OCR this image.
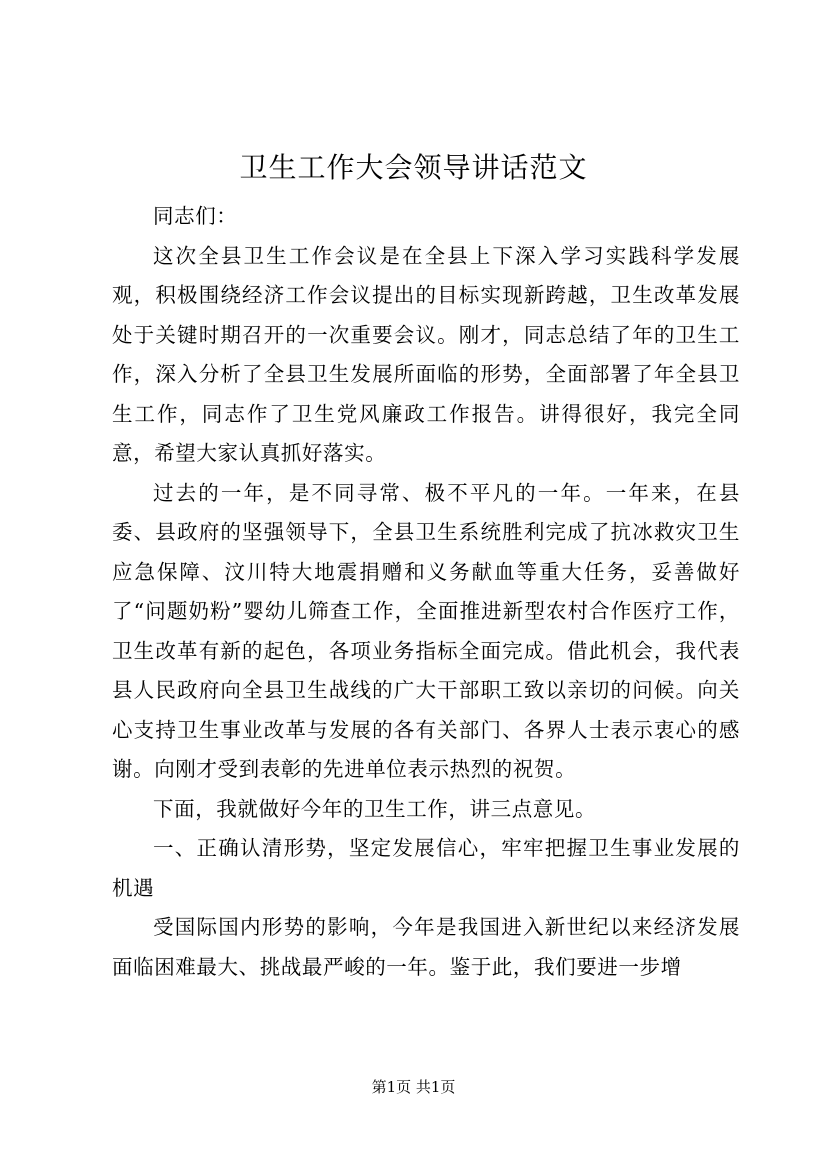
卫生工作大会领导讲话范文

同志们：

这次全县卫生工作会议是在全县上下深入学习实践科学发展观，积极围绕经济工作会议提出的目标实现新跨越，卫生改革发展处于关键时期召开的一次重要会议。刚才，同志总结了年的卫生工作，深入分析了全县卫生发展所面临的形势，全面部署了年全县卫生工作，同志作了卫生党风廉政工作报告。讲得很好，我完全同意，希望大家认真抓好落实。

过去的一年，是不同寻常、极不平凡的一年。一年来，在县委、县政府的坚强领导下，全县卫生系统胜利完成了抗冰救灾卫生应急保障、汶川特大地震捐赠和义务献血等重大任务，妥善做好了“问题奶粉”婴幼儿筛查工作，全面推进新型农村合作医疗工作，卫生改革有新的起色，各项业务指标全面完成。借此机会，我代表县人民政府向全县卫生战线的广大干部职工致以亲切的问候。向关心支持卫生事业改革与发展的各有关部门、各界人士表示衷心的感谢。向刚才受到表彰的先进单位表示热烈的祝贺。

下面，我就做好今年的卫生工作，讲三点意见。

一、正确认清形势，坚定发展信心，牢牢把握卫生事业发展的机遇

受国际国内形势的影响，今年是我国进入新世纪以来经济发展面临困难最大、挑战最严峻的一年。鉴于此，我们要进一步增

第1页 共1页
